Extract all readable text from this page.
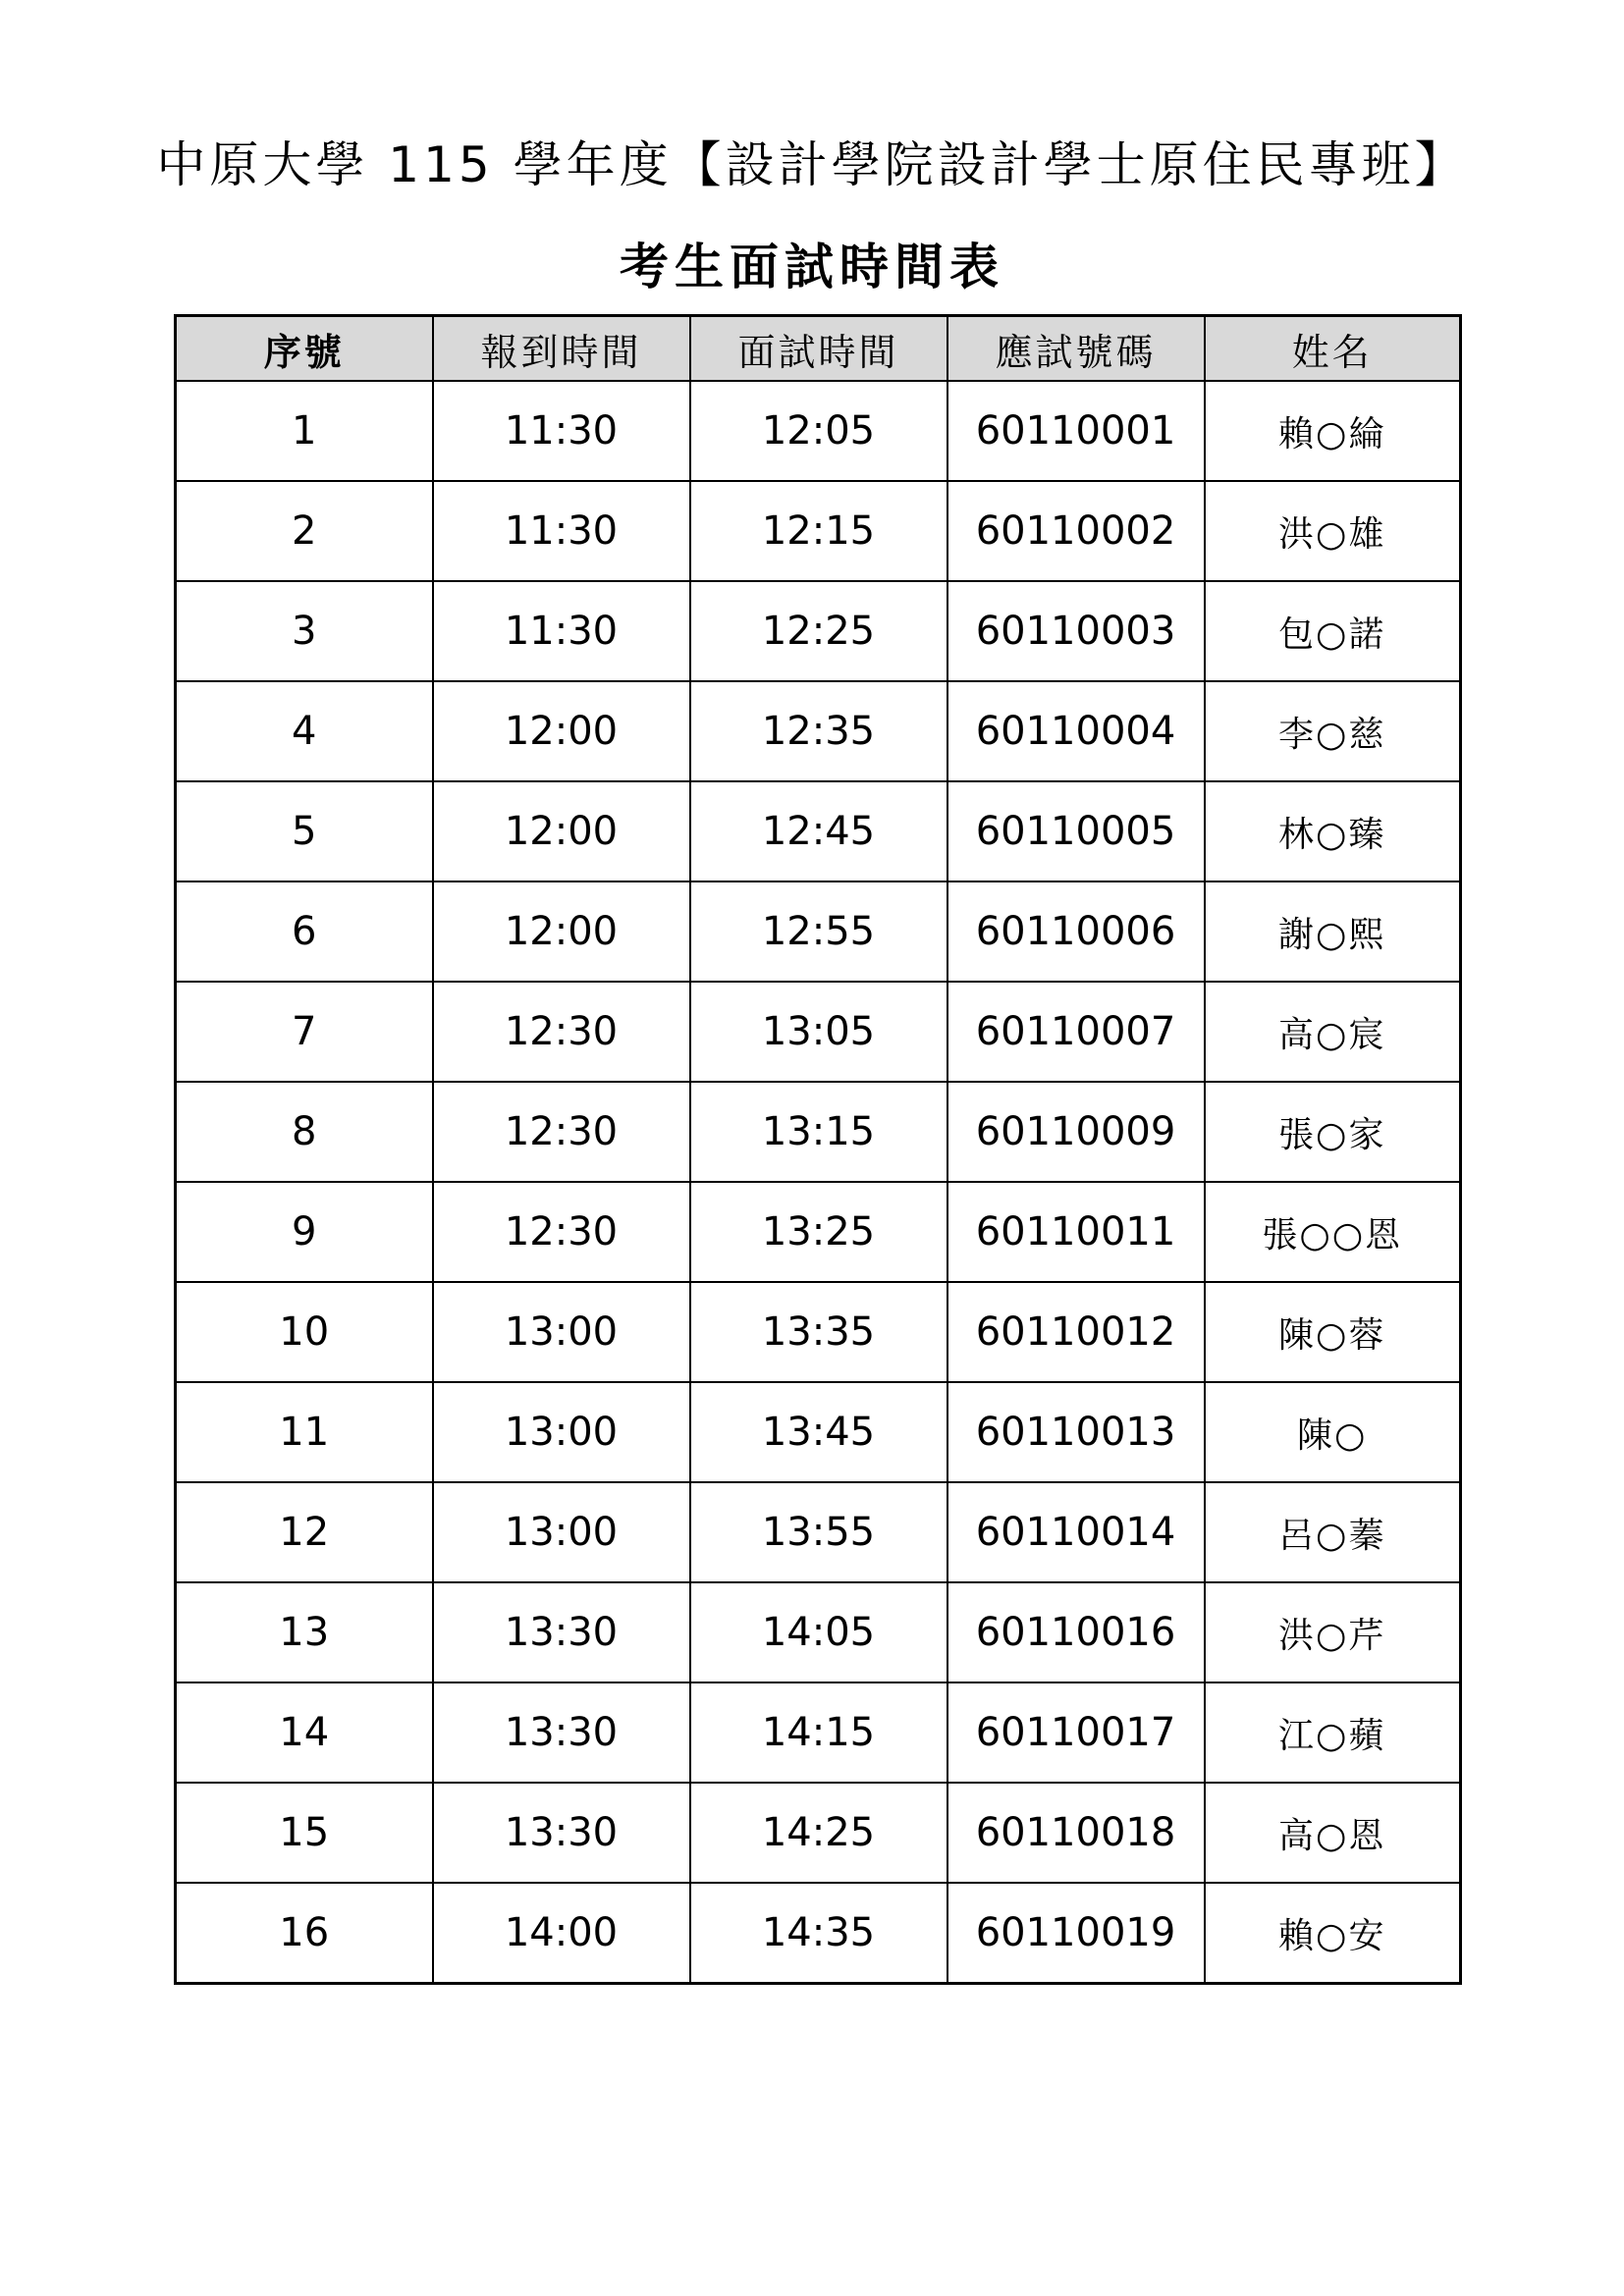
中原大學 115 學年度【設計學院設計學士原住民專班】
考生面試時間表
序號	報到時間	面試時間	應試號碼	姓名
1	11:30	12:05	60110001	賴○綸
2	11:30	12:15	60110002	洪○雄
3	11:30	12:25	60110003	包○諾
4	12:00	12:35	60110004	李○慈
5	12:00	12:45	60110005	林○臻
6	12:00	12:55	60110006	謝○熙
7	12:30	13:05	60110007	高○宸
8	12:30	13:15	60110009	張○家
9	12:30	13:25	60110011	張○○恩
10	13:00	13:35	60110012	陳○蓉
11	13:00	13:45	60110013	陳○
12	13:00	13:55	60110014	呂○蓁
13	13:30	14:05	60110016	洪○芹
14	13:30	14:15	60110017	江○蘋
15	13:30	14:25	60110018	高○恩
16	14:00	14:35	60110019	賴○安
